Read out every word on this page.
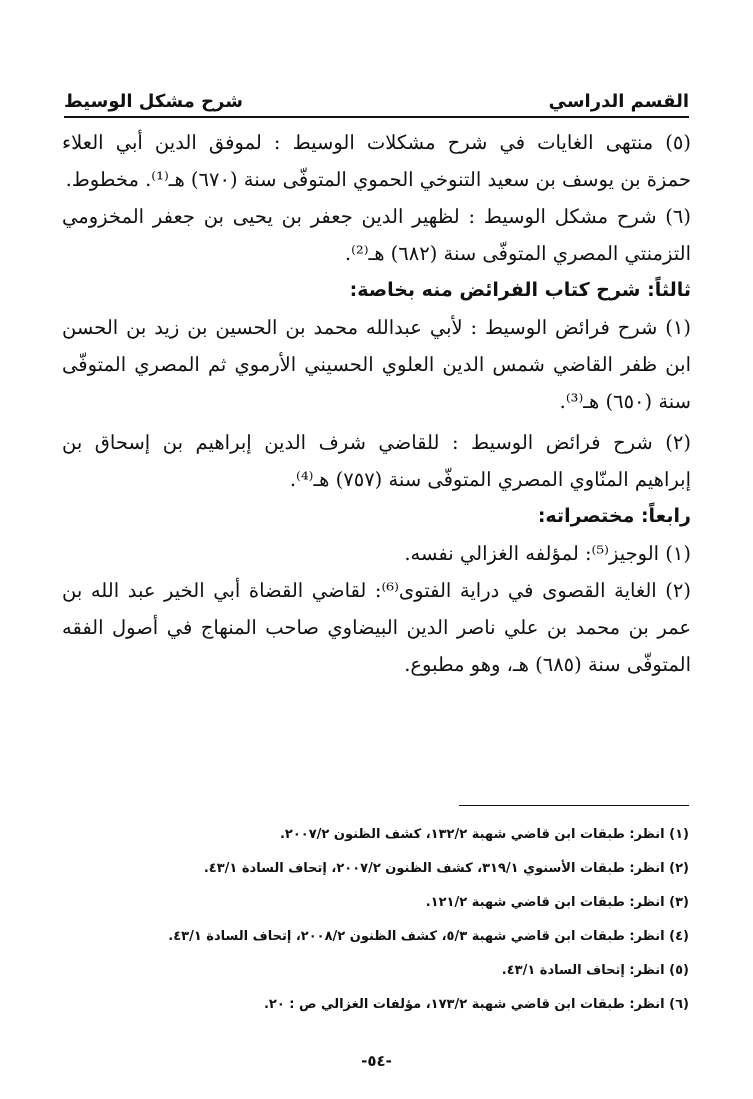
القسم الدراسي
شرح مشكل الوسيط
(٥) منتهى الغايات في شرح مشكلات الوسيط : لموفق الدين أبي العلاء
حمزة بن يوسف بن سعيد التنوخي الحموي المتوفّى سنة (٦٧٠) هـ⁽¹⁾. مخطوط.
(٦) شرح مشكل الوسيط : لظهير الدين جعفر بن يحيى بن جعفر المخزومي
التزمنتي المصري المتوفّى سنة (٦٨٢) هـ⁽²⁾.
ثالثاً: شرح كتاب الفرائض منه بخاصة:
(١) شرح فرائض الوسيط : لأبي عبدالله محمد بن الحسين بن زيد بن الحسن
ابن ظفر القاضي شمس الدين العلوي الحسيني الأرموي ثم المصري المتوفّى
سنة (٦٥٠) هـ⁽³⁾.
(٢) شرح فرائض الوسيط : للقاضي شرف الدين إبراهيم بن إسحاق بن
إبراهيم المنّاوي المصري المتوفّى سنة (٧٥٧) هـ⁽⁴⁾.
رابعاً: مختصراته:
(١) الوجيز⁽⁵⁾: لمؤلفه الغزالي نفسه.
(٢) الغاية القصوى في دراية الفتوى⁽⁶⁾: لقاضي القضاة أبي الخير عبد الله بن
عمر بن محمد بن علي ناصر الدين البيضاوي صاحب المنهاج في أصول الفقه
المتوفّى سنة (٦٨٥) هـ، وهو مطبوع.
(١) انظر: طبقات ابن قاضي شهبة ١٣٢/٢، كشف الظنون ٢٠٠٧/٢.
(٢) انظر: طبقات الأسنوي ٣١٩/١، كشف الظنون ٢٠٠٧/٢، إتحاف السادة ٤٣/١.
(٣) انظر: طبقات ابن قاضي شهبة ١٢١/٢.
(٤) انظر: طبقات ابن قاضي شهبة ٥/٣، كشف الظنون ٢٠٠٨/٢، إتحاف السادة ٤٣/١.
(٥) انظر: إتحاف السادة ٤٣/١.
(٦) انظر: طبقات ابن قاضي شهبة ١٧٣/٢، مؤلفات الغزالي ص : ٢٠.
-٥٤-
